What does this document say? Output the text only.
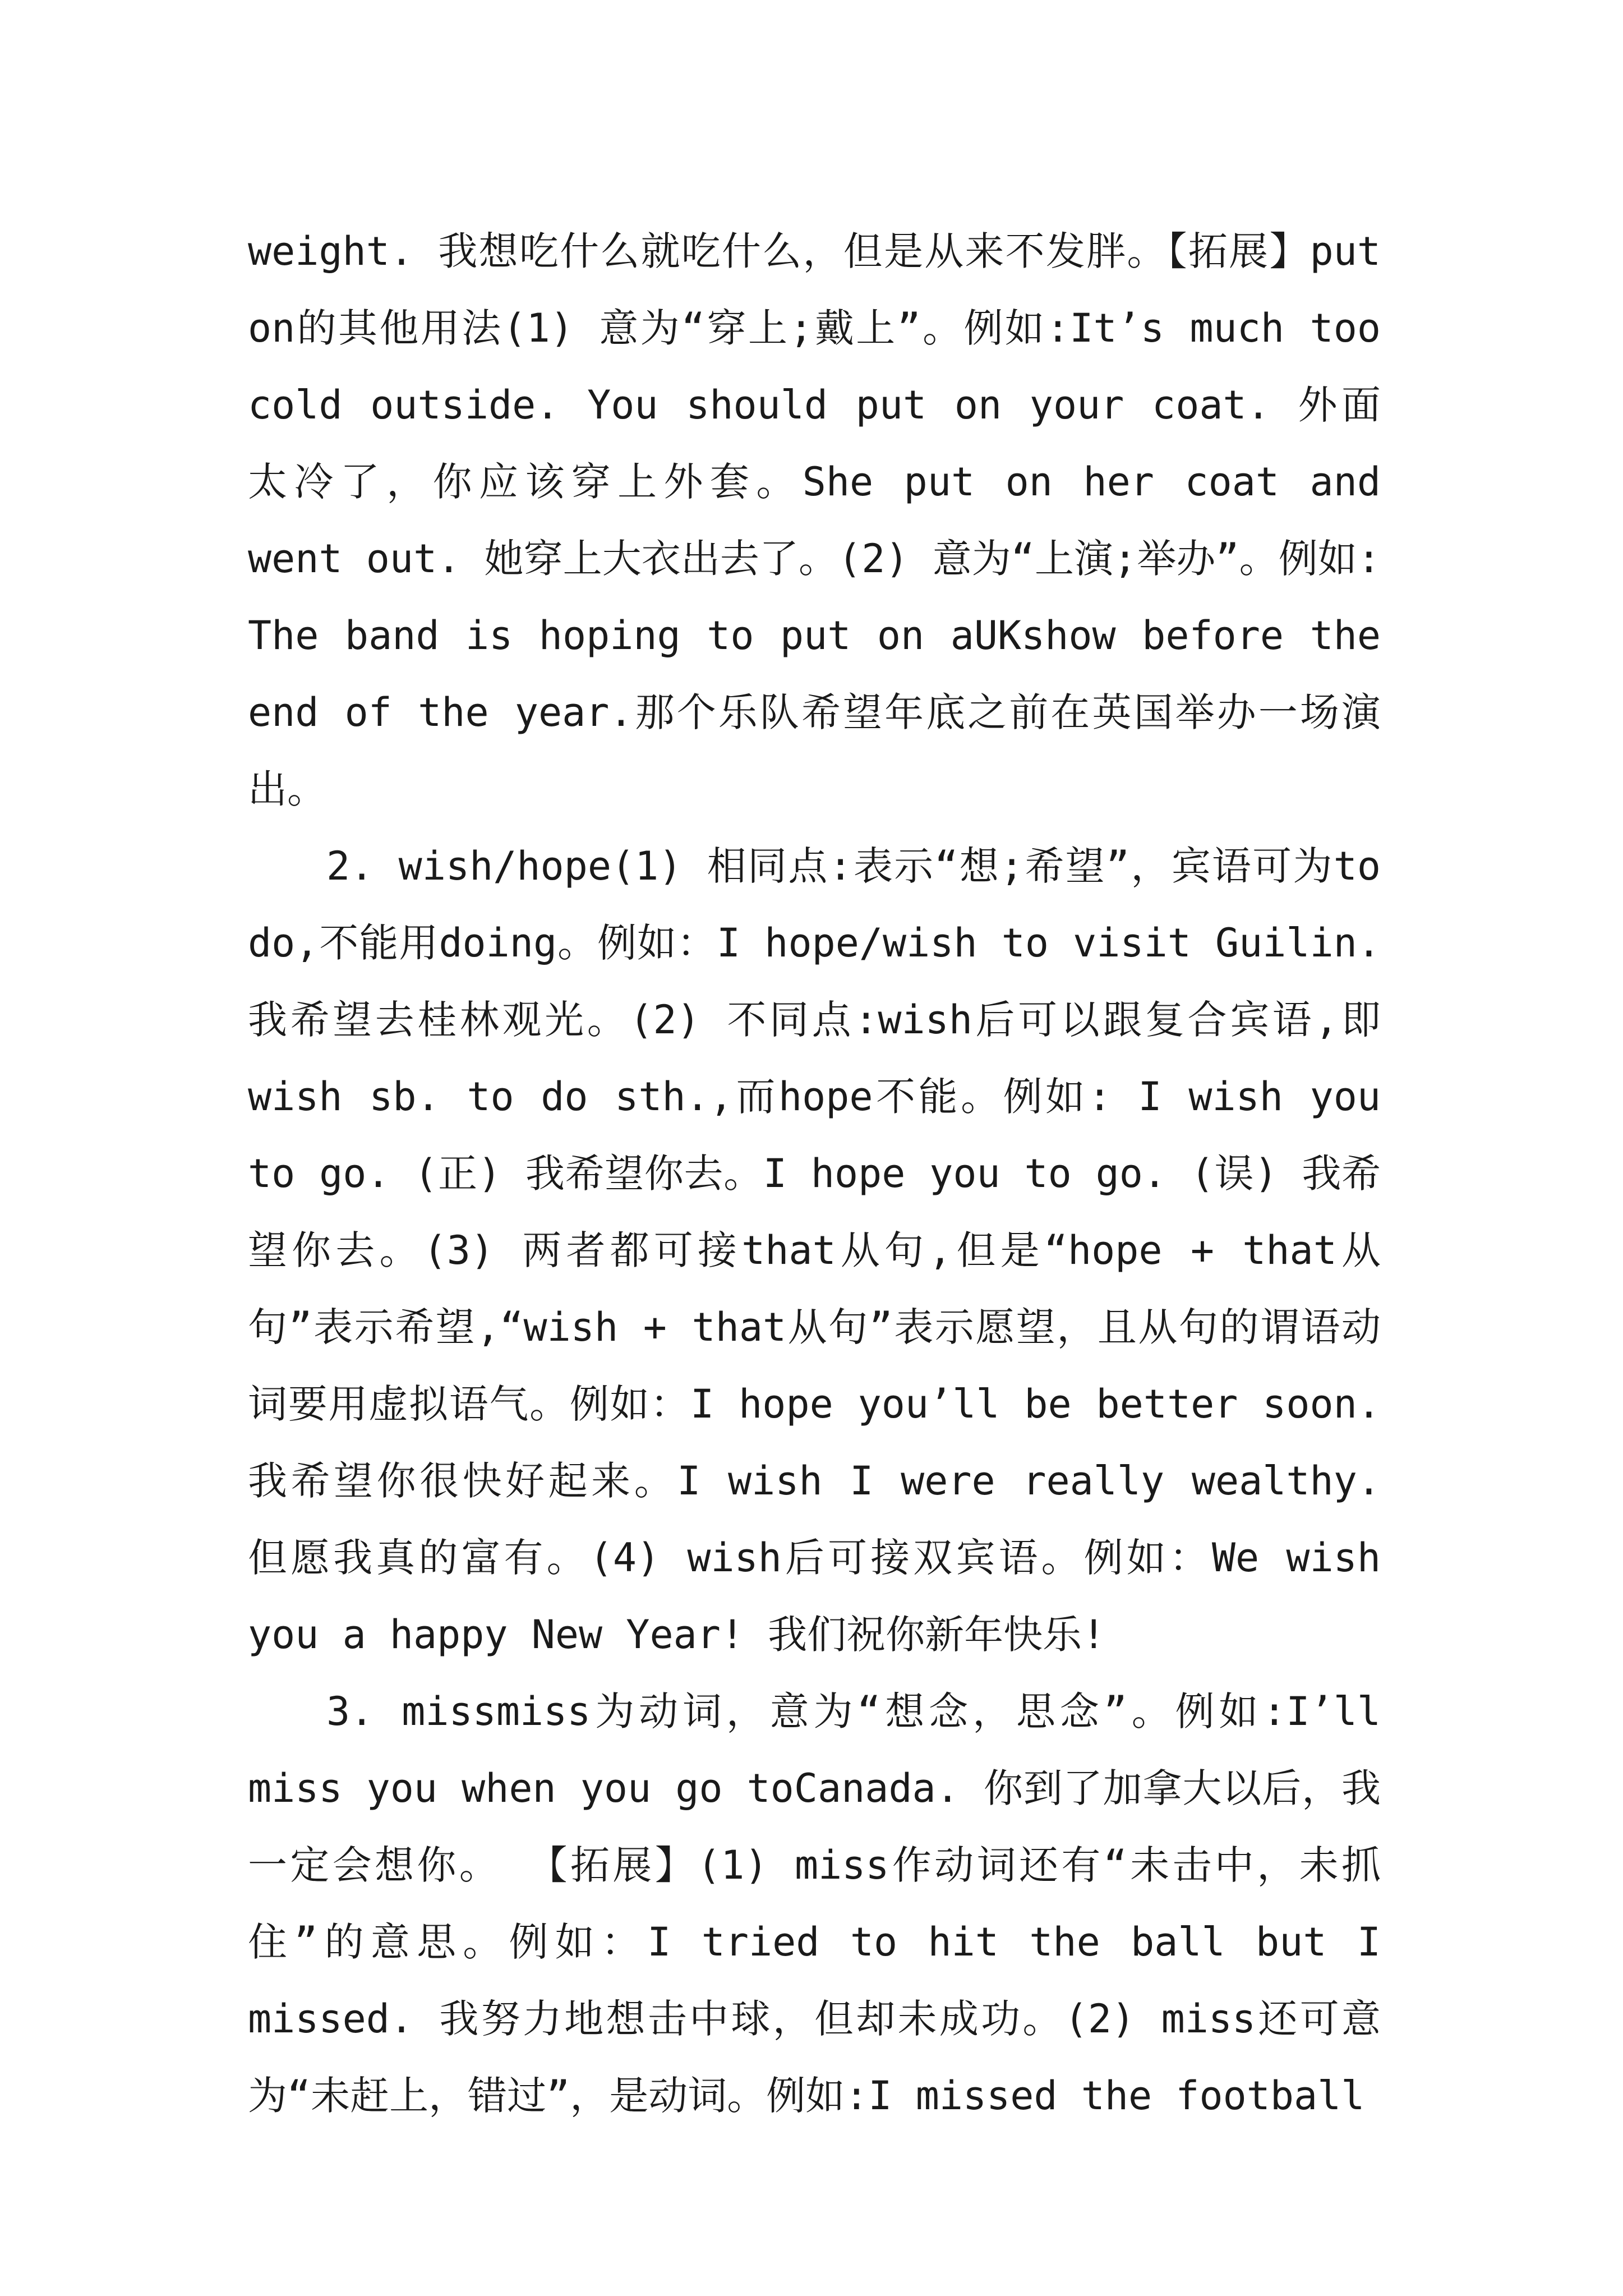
weight. 我想吃什么就吃什么，但是从来不发胖。【拓展】put on的其他用法(1) 意为“穿上;戴上”。例如:It’s much too cold outside. You should put on your coat. 外面太冷了，你应该穿上外套。She put on her coat and went out. 她穿上大衣出去了。(2) 意为“上演;举办”。例如: The band is hoping to put on aUKshow before the end of the year.那个乐队希望年底之前在英国举办一场演出。

2. wish/hope(1) 相同点:表示“想;希望”，宾语可为to do,不能用doing。例如：I hope/wish to visit Guilin. 我希望去桂林观光。(2) 不同点:wish后可以跟复合宾语,即wish sb. to do sth.,而hope不能。例如: I wish you to go. (正) 我希望你去。I hope you to go. (误) 我希望你去。(3) 两者都可接that从句,但是“hope + that从句”表示希望,“wish + that从句”表示愿望，且从句的谓语动词要用虚拟语气。例如：I hope you’ll be better soon. 我希望你很快好起来。I wish I were really wealthy. 但愿我真的富有。(4) wish后可接双宾语。例如：We wish you a happy New Year! 我们祝你新年快乐!

3. missmiss为动词，意为“想念，思念”。例如:I’ll miss you when you go toCanada. 你到了加拿大以后，我一定会想你。 【拓展】(1) miss作动词还有“未击中，未抓住”的意思。例如：I tried to hit the ball but I missed. 我努力地想击中球，但却未成功。(2) miss还可意为“未赶上，错过”，是动词。例如:I missed the football
